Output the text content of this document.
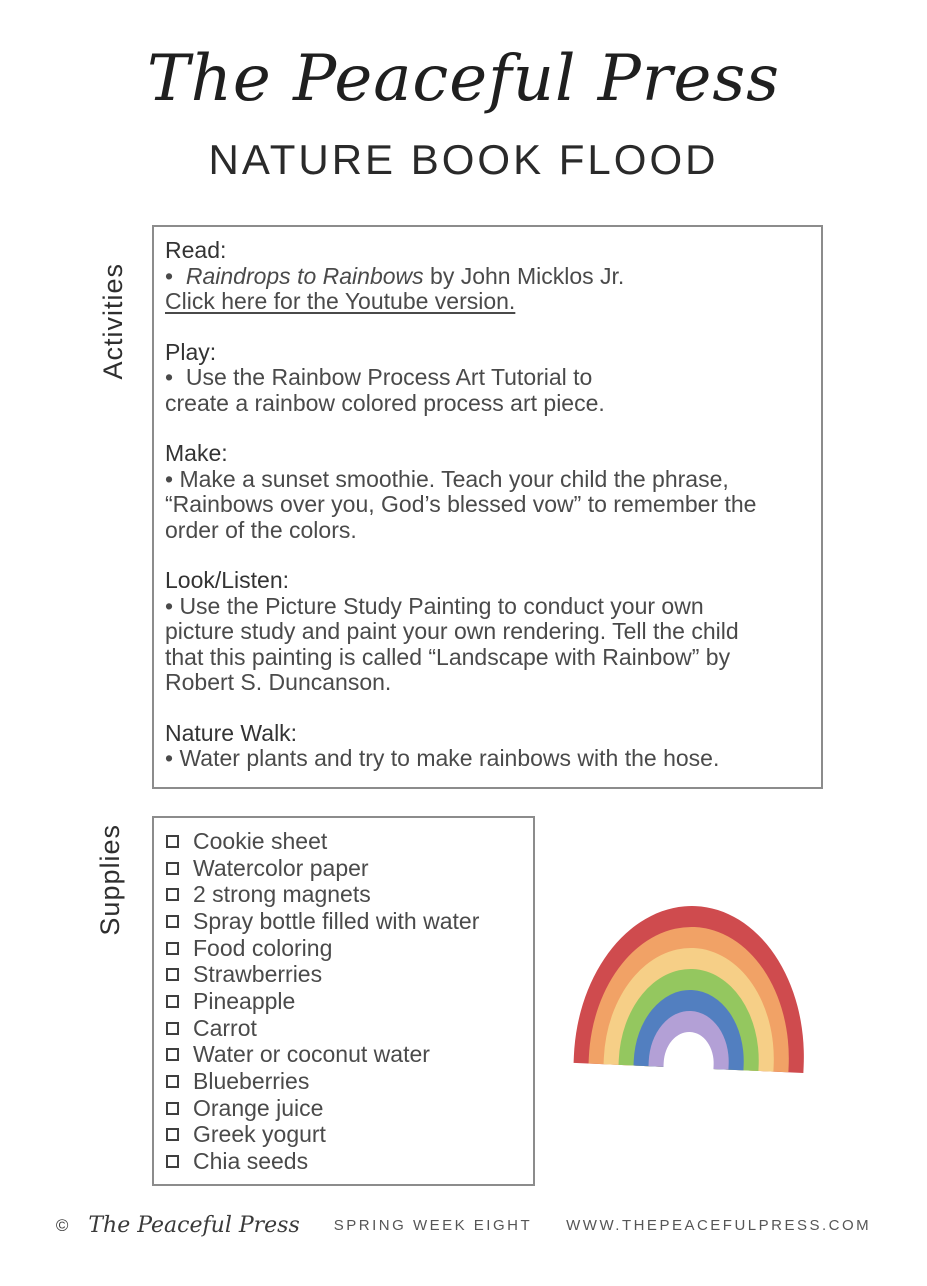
The Peaceful Press
NATURE BOOK FLOOD
Activities
Supplies
Read:
•  Raindrops to Rainbows by John Micklos Jr.
Click here for the Youtube version.
Play:
•  Use the Rainbow Process Art Tutorial to
create a rainbow colored process art piece.
Make:
• Make a sunset smoothie. Teach your child the phrase,
“Rainbows over you, God’s blessed vow” to remember the
order of the colors.
Look/Listen:
• Use the Picture Study Painting to conduct your own
picture study and paint your own rendering. Tell the child
that this painting is called “Landscape with Rainbow” by
Robert S. Duncanson.
Nature Walk:
• Water plants and try to make rainbows with the hose.
Cookie sheet
Watercolor paper
2 strong magnets
Spray bottle filled with water
Food coloring
Strawberries
Pineapple
Carrot
Water or coconut water
Blueberries
Orange juice
Greek yogurt
Chia seeds
© The Peaceful Press SPRING WEEK EIGHT WWW.THEPEACEFULPRESS.COM
